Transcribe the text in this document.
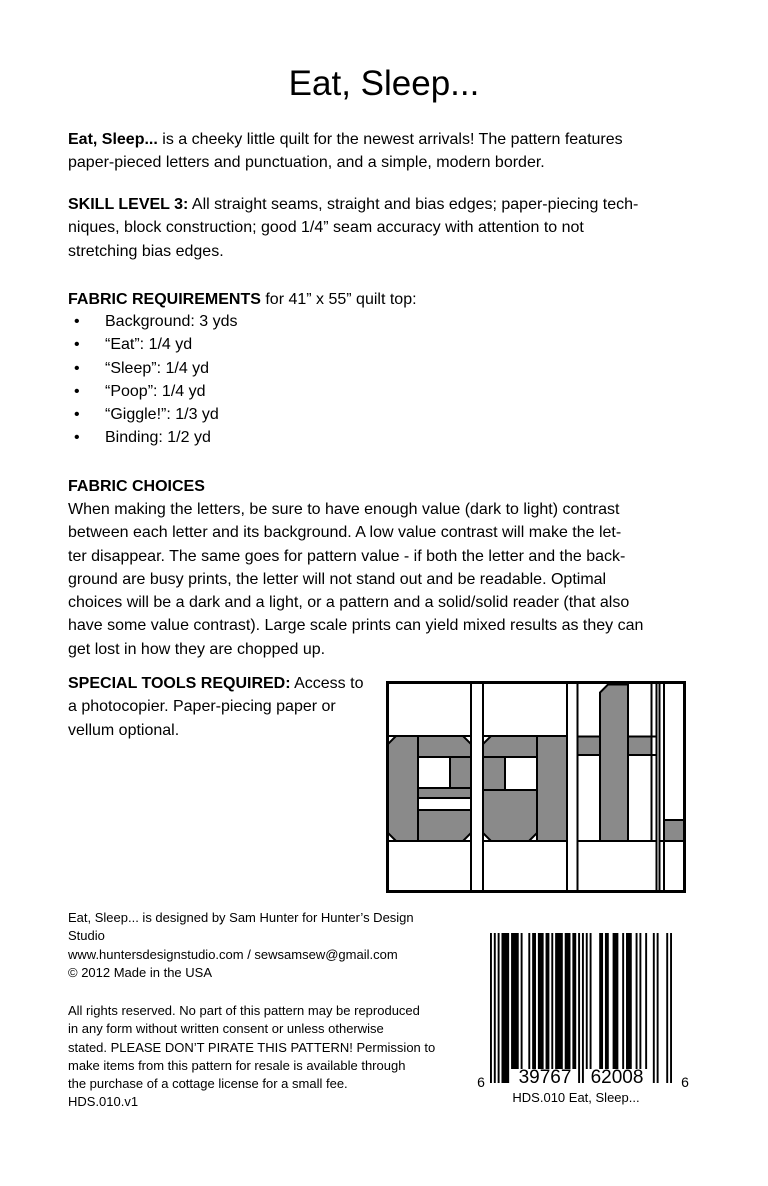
Eat, Sleep...
Eat, Sleep... is a cheeky little quilt for the newest arrivals! The pattern features
paper-pieced letters and punctuation, and a simple, modern border.
SKILL LEVEL 3: All straight seams, straight and bias edges; paper-piecing tech-
niques, block construction; good 1/4” seam accuracy with attention to not
stretching bias edges.
FABRIC REQUIREMENTS for 41” x 55” quilt top:
•	Background: 3 yds
•	“Eat”: 1/4 yd
•	“Sleep”: 1/4 yd
•	“Poop”: 1/4 yd
•	“Giggle!”: 1/3 yd
•	Binding: 1/2 yd
FABRIC CHOICES
When making the letters, be sure to have enough value (dark to light) contrast
between each letter and its background. A low value contrast will make the let-
ter disappear. The same goes for pattern value - if both the letter and the back-
ground are busy prints, the letter will not stand out and be readable. Optimal
choices will be a dark and a light, or a pattern and a solid/solid reader (that also
have some value contrast). Large scale prints can yield mixed results as they can
get lost in how they are chopped up.
SPECIAL TOOLS REQUIRED: Access to
a photocopier. Paper-piecing paper or
vellum optional.
Eat, Sleep... is designed by Sam Hunter for Hunter’s Design
Studio
www.huntersdesignstudio.com / sewsamsew@gmail.com
© 2012 Made in the USA
All rights reserved. No part of this pattern may be reproduced
in any form without written consent or unless otherwise
stated. PLEASE DON’T PIRATE THIS PATTERN! Permission to
make items from this pattern for resale is available through
the purchase of a cottage license for a small fee.
HDS.010.v1
6	39767	62008	6
HDS.010 Eat, Sleep...
